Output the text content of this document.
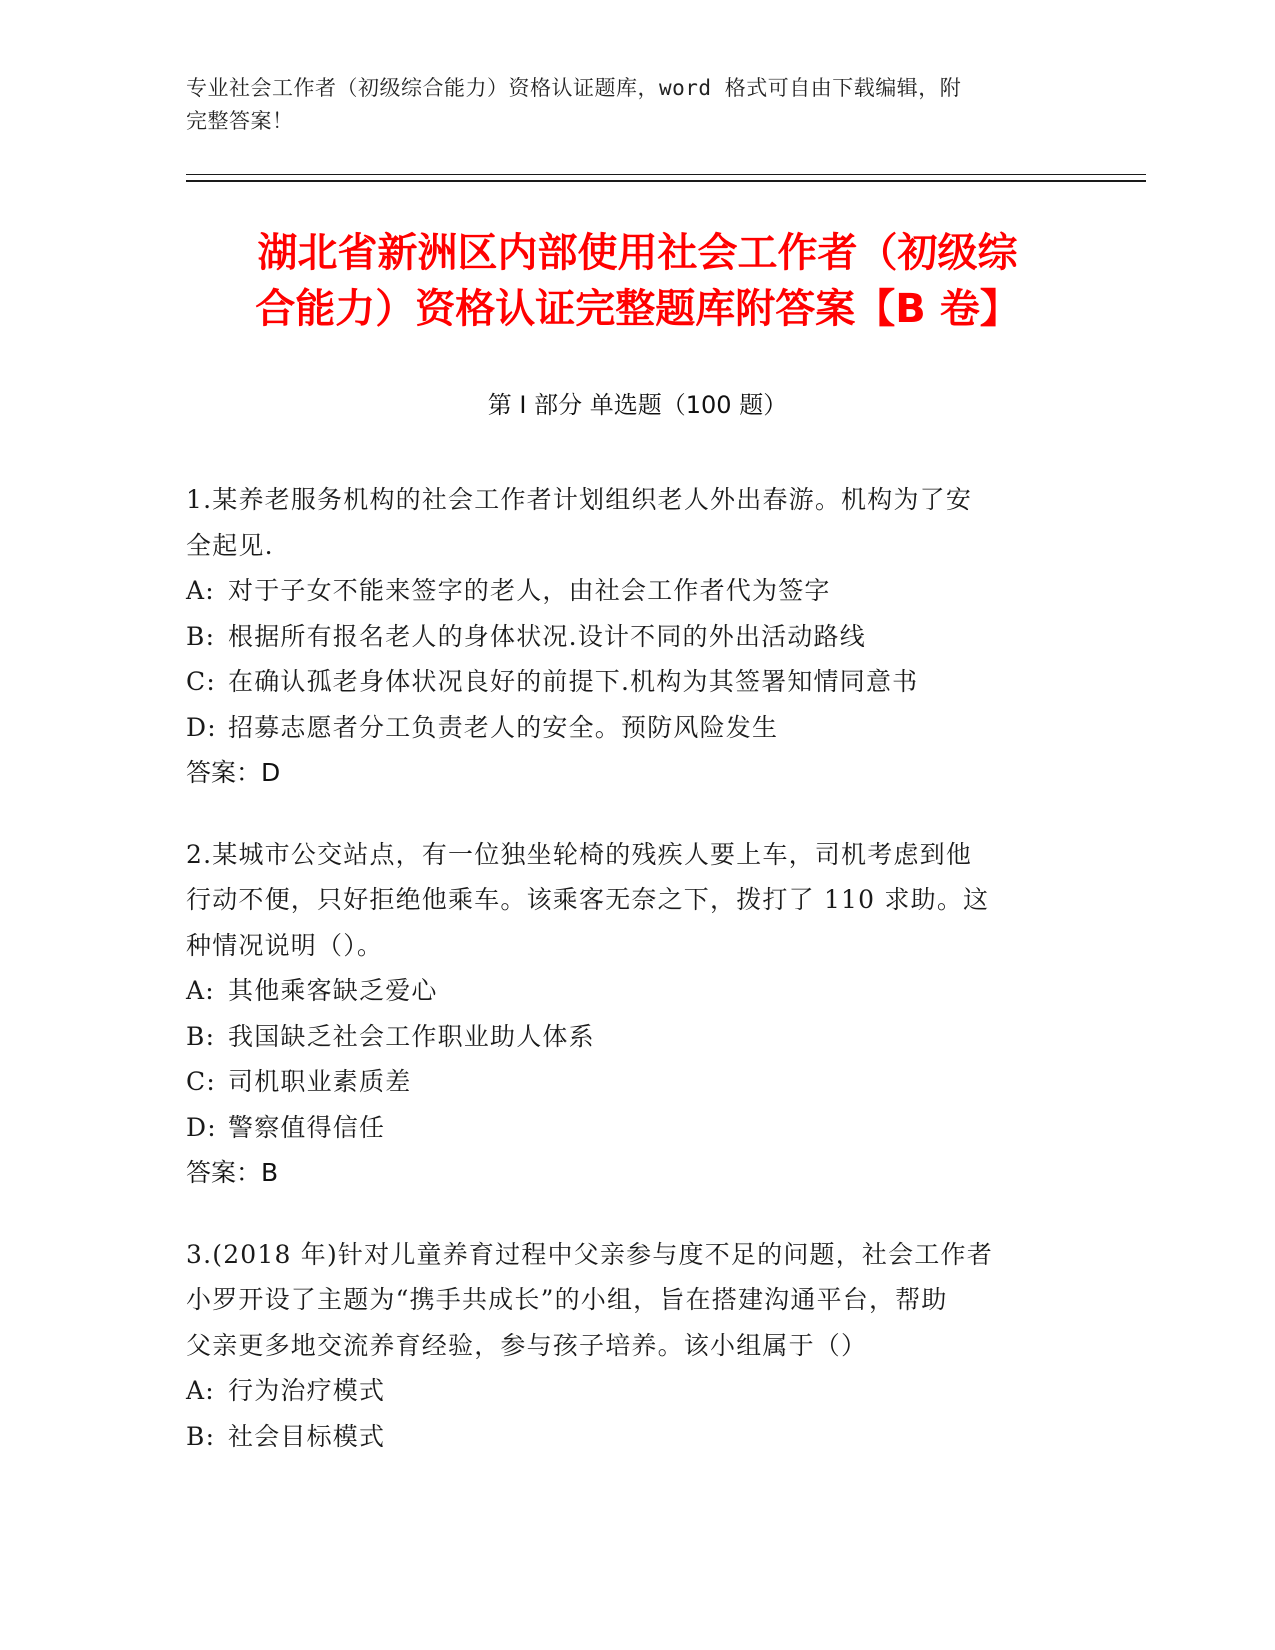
专业社会工作者（初级综合能力）资格认证题库，word 格式可自由下载编辑，附
完整答案！
湖北省新洲区内部使用社会工作者（初级综
合能力）资格认证完整题库附答案【B 卷】
第 I 部分 单选题（100 题）
1.某养老服务机构的社会工作者计划组织老人外出春游。机构为了安
全起见.
A: 对于子女不能来签字的老人，由社会工作者代为签字
B: 根据所有报名老人的身体状况.设计不同的外出活动路线
C: 在确认孤老身体状况良好的前提下.机构为其签署知情同意书
D: 招募志愿者分工负责老人的安全。预防风险发生
答案：D
2.某城市公交站点，有一位独坐轮椅的残疾人要上车，司机考虑到他
行动不便，只好拒绝他乘车。该乘客无奈之下，拨打了 110 求助。这
种情况说明（）。
A: 其他乘客缺乏爱心
B: 我国缺乏社会工作职业助人体系
C: 司机职业素质差
D: 警察值得信任
答案：B
3.(2018 年)针对儿童养育过程中父亲参与度不足的问题，社会工作者
小罗开设了主题为“携手共成长”的小组，旨在搭建沟通平台，帮助
父亲更多地交流养育经验，参与孩子培养。该小组属于（）
A: 行为治疗模式
B: 社会目标模式
